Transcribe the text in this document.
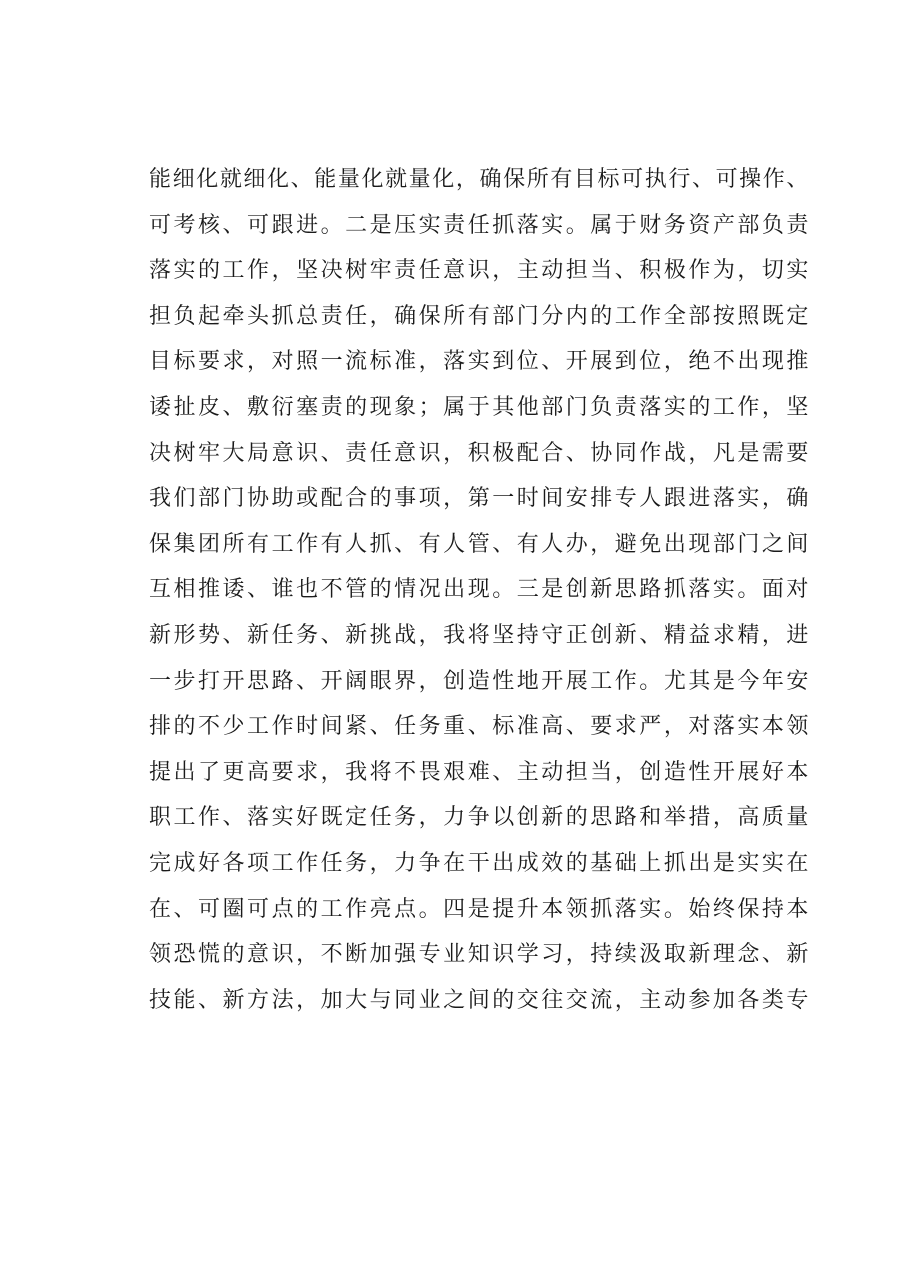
能细化就细化、能量化就量化，确保所有目标可执行、可操作、
可考核、可跟进。二是压实责任抓落实。属于财务资产部负责
落实的工作，坚决树牢责任意识，主动担当、积极作为，切实
担负起牵头抓总责任，确保所有部门分内的工作全部按照既定
目标要求，对照一流标准，落实到位、开展到位，绝不出现推
诿扯皮、敷衍塞责的现象；属于其他部门负责落实的工作，坚
决树牢大局意识、责任意识，积极配合、协同作战，凡是需要
我们部门协助或配合的事项，第一时间安排专人跟进落实，确
保集团所有工作有人抓、有人管、有人办，避免出现部门之间
互相推诿、谁也不管的情况出现。三是创新思路抓落实。面对
新形势、新任务、新挑战，我将坚持守正创新、精益求精，进
一步打开思路、开阔眼界，创造性地开展工作。尤其是今年安
排的不少工作时间紧、任务重、标准高、要求严，对落实本领
提出了更高要求，我将不畏艰难、主动担当，创造性开展好本
职工作、落实好既定任务，力争以创新的思路和举措，高质量
完成好各项工作任务，力争在干出成效的基础上抓出是实实在
在、可圈可点的工作亮点。四是提升本领抓落实。始终保持本
领恐慌的意识，不断加强专业知识学习，持续汲取新理念、新
技能、新方法，加大与同业之间的交往交流，主动参加各类专
